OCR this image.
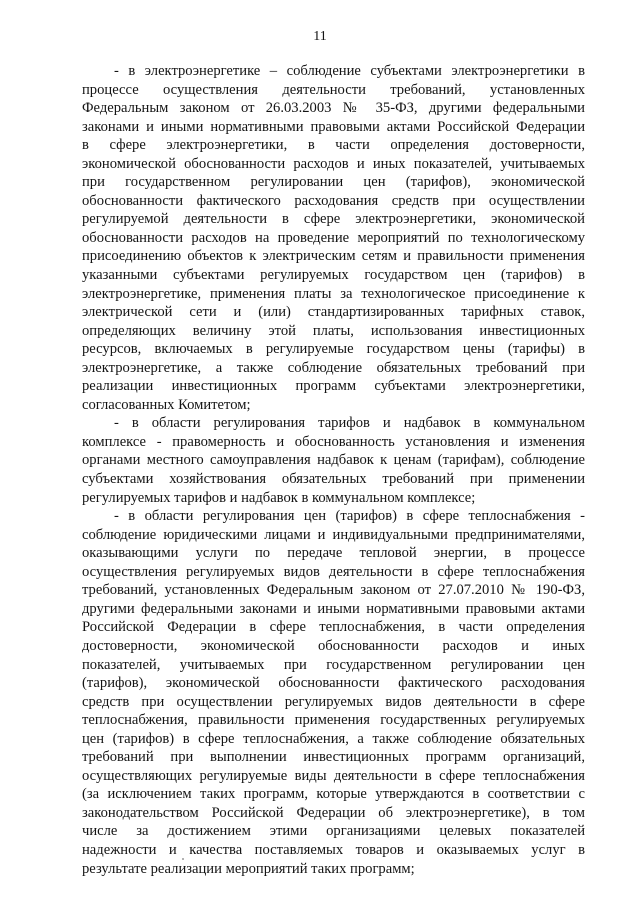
11
- в электроэнергетике – соблюдение субъектами электроэнергетики в
процессе осуществления деятельности требований, установленных
Федеральным законом от 26.03.2003 № 35-ФЗ, другими федеральными
законами и иными нормативными правовыми актами Российской Федерации
в сфере электроэнергетики, в части определения достоверности,
экономической обоснованности расходов и иных показателей, учитываемых
при государственном регулировании цен (тарифов), экономической
обоснованности фактического расходования средств при осуществлении
регулируемой деятельности в сфере электроэнергетики, экономической
обоснованности расходов на проведение мероприятий по технологическому
присоединению объектов к электрическим сетям и правильности применения
указанными субъектами регулируемых государством цен (тарифов) в
электроэнергетике, применения платы за технологическое присоединение к
электрической сети и (или) стандартизированных тарифных ставок,
определяющих величину этой платы, использования инвестиционных
ресурсов, включаемых в регулируемые государством цены (тарифы) в
электроэнергетике, а также соблюдение обязательных требований при
реализации инвестиционных программ субъектами электроэнергетики,
согласованных Комитетом;
- в области регулирования тарифов и надбавок в коммунальном
комплексе - правомерность и обоснованность установления и изменения
органами местного самоуправления надбавок к ценам (тарифам), соблюдение
субъектами хозяйствования обязательных требований при применении
регулируемых тарифов и надбавок в коммунальном комплексе;
- в области регулирования цен (тарифов) в сфере теплоснабжения -
соблюдение юридическими лицами и индивидуальными предпринимателями,
оказывающими услуги по передаче тепловой энергии, в процессе
осуществления регулируемых видов деятельности в сфере теплоснабжения
требований, установленных Федеральным законом от 27.07.2010 № 190-ФЗ,
другими федеральными законами и иными нормативными правовыми актами
Российской Федерации в сфере теплоснабжения, в части определения
достоверности, экономической обоснованности расходов и иных
показателей, учитываемых при государственном регулировании цен
(тарифов), экономической обоснованности фактического расходования
средств при осуществлении регулируемых видов деятельности в сфере
теплоснабжения, правильности применения государственных регулируемых
цен (тарифов) в сфере теплоснабжения, а также соблюдение обязательных
требований при выполнении инвестиционных программ организаций,
осуществляющих регулируемые виды деятельности в сфере теплоснабжения
(за исключением таких программ, которые утверждаются в соответствии с
законодательством Российской Федерации об электроэнергетике), в том
числе за достижением этими организациями целевых показателей
надежности и качества поставляемых товаров и оказываемых услуг в
результате реализации мероприятий таких программ;
